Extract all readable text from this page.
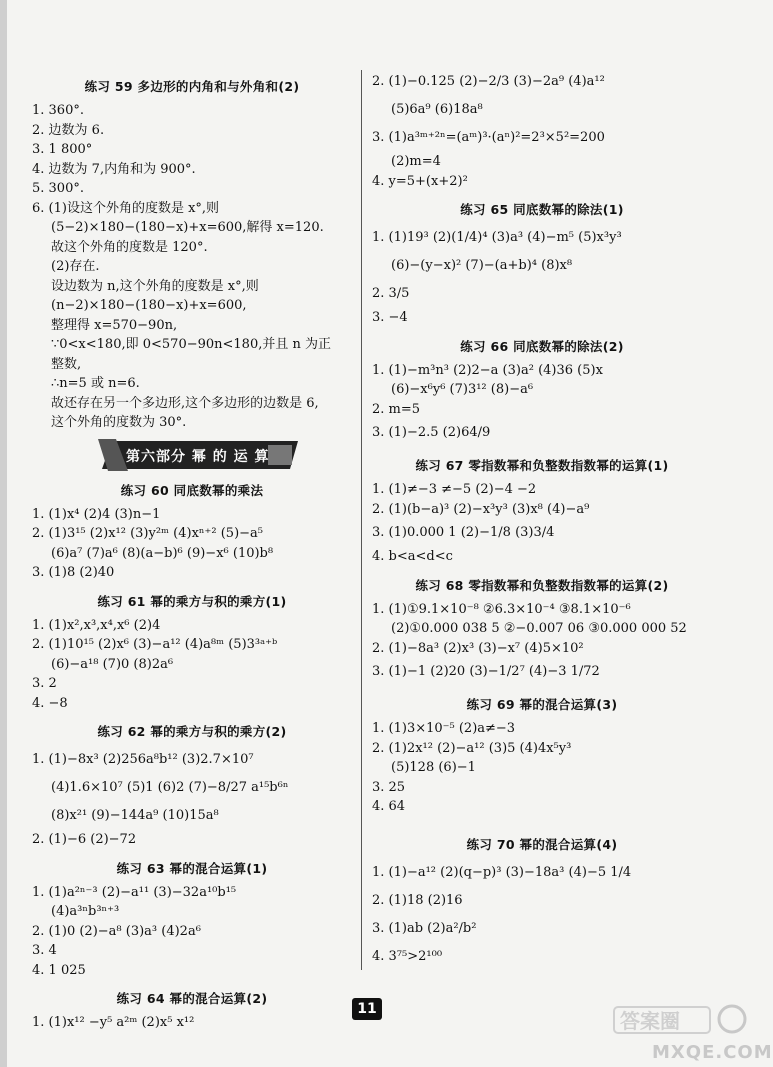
练习 59 多边形的内角和与外角和(2)

1. 360°.

2. 边数为 6.

3. 1 800°

4. 边数为 7,内角和为 900°.

5. 300°.

6. (1)设这个外角的度数是 x°,则

(5−2)×180−(180−x)+x=600,解得 x=120.

故这个外角的度数是 120°.

(2)存在.

设边数为 n,这个外角的度数是 x°,则

(n−2)×180−(180−x)+x=600,

整理得 x=570−90n,

∵0<x<180,即 0<570−90n<180,并且 n 为正

整数,

∴n=5 或 n=6.

故还存在另一个多边形,这个多边形的边数是 6,

这个外角的度数为 30°.

第六部分 幂 的 运 算
练习 60 同底数幂的乘法

1. (1)x⁴ (2)4 (3)n−1

2. (1)3¹⁵ (2)x¹² (3)y²ᵐ (4)xⁿ⁺² (5)−a⁵

(6)a⁷ (7)a⁶ (8)(a−b)⁶ (9)−x⁶ (10)b⁸

3. (1)8 (2)40

练习 61 幂的乘方与积的乘方(1)

1. (1)x²,x³,x⁴,x⁶ (2)4

2. (1)10¹⁵ (2)x⁶ (3)−a¹² (4)a⁸ᵐ (5)3³ᵃ⁺ᵇ

(6)−a¹⁸ (7)0 (8)2a⁶

3. 2

4. −8

练习 62 幂的乘方与积的乘方(2)

1. (1)−8x³ (2)256a⁸b¹² (3)2.7×10⁷

(4)1.6×10⁷ (5)1 (6)2 (7)−8/27 a¹⁵b⁶ⁿ

(8)x²¹ (9)−144a⁹ (10)15a⁸

2. (1)−6 (2)−72

练习 63 幂的混合运算(1)

1. (1)a²ⁿ⁻³ (2)−a¹¹ (3)−32a¹⁰b¹⁵

(4)a³ⁿb³ⁿ⁺³

2. (1)0 (2)−a⁸ (3)a³ (4)2a⁶

3. 4

4. 1 025

练习 64 幂的混合运算(2)

1. (1)x¹² −y⁵ a²ᵐ (2)x⁵ x¹²

2. (1)−0.125 (2)−2/3 (3)−2a⁹ (4)a¹²

(5)6a⁹ (6)18a⁸

3. (1)a³ᵐ⁺²ⁿ=(aᵐ)³·(aⁿ)²=2³×5²=200

(2)m=4

4. y=5+(x+2)²

练习 65 同底数幂的除法(1)

1. (1)19³ (2)(1/4)⁴ (3)a³ (4)−m⁵ (5)x³y³

(6)−(y−x)² (7)−(a+b)⁴ (8)x⁸

2. 3/5

3. −4

练习 66 同底数幂的除法(2)

1. (1)−m³n³ (2)2−a (3)a² (4)36 (5)x

(6)−x⁶y⁶ (7)3¹² (8)−a⁶

2. m=5

3. (1)−2.5 (2)64/9

练习 67 零指数幂和负整数指数幂的运算(1)

1. (1)≠−3 ≠−5 (2)−4 −2

2. (1)(b−a)³ (2)−x³y³ (3)x⁸ (4)−a⁹

3. (1)0.000 1 (2)−1/8 (3)3/4

4. b<a<d<c

练习 68 零指数幂和负整数指数幂的运算(2)

1. (1)①9.1×10⁻⁸ ②6.3×10⁻⁴ ③8.1×10⁻⁶

(2)①0.000 038 5 ②−0.007 06 ③0.000 000 52

2. (1)−8a³ (2)x³ (3)−x⁷ (4)5×10²

3. (1)−1 (2)20 (3)−1/2⁷ (4)−3 1/72

练习 69 幂的混合运算(3)

1. (1)3×10⁻⁵ (2)a≠−3

2. (1)2x¹² (2)−a¹² (3)5 (4)4x⁵y³

(5)128 (6)−1

3. 25

4. 64

练习 70 幂的混合运算(4)

1. (1)−a¹² (2)(q−p)³ (3)−18a³ (4)−5 1/4

2. (1)18 (2)16

3. (1)ab (2)a²/b²

4. 3⁷⁵>2¹⁰⁰

11	答案圈
MXQE.COM
